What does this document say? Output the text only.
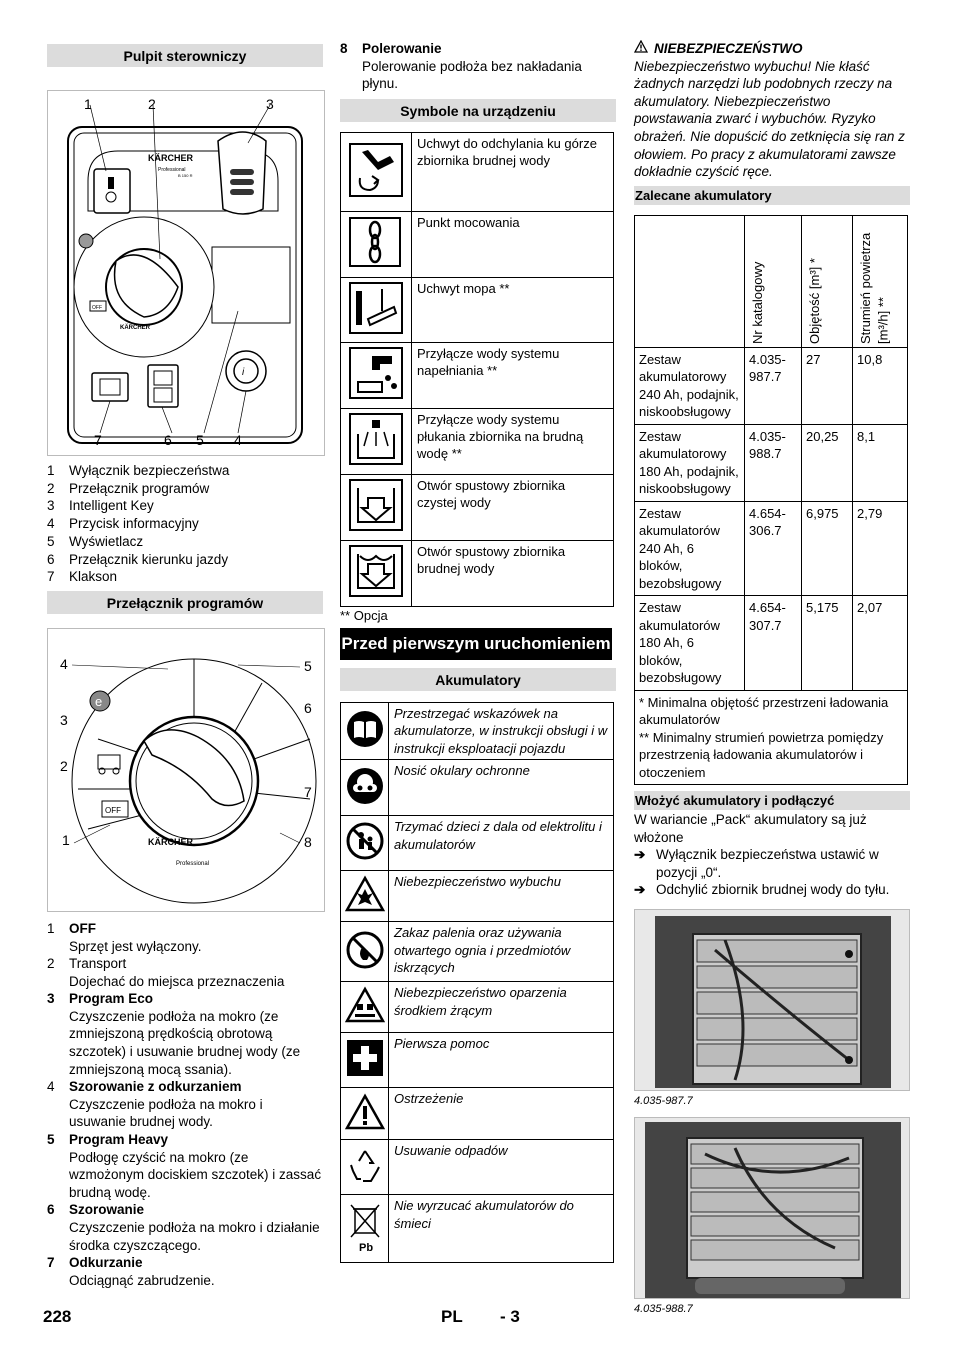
Pulpit sterowniczy
KÄRCHER
Professional
B 150 R
OFF
KÄRCHER
i
1	2	3
4
5
6
7
1	Wyłącznik bezpieczeństwa
2	Przełącznik programów
3	Intelligent Key
4	Przycisk informacyjny
5	Wyświetlacz
6	Przełącznik kierunku jazdy
7	Klakson
Przełącznik programów
e
OFF
KÄRCHER
Professional
4
3
2
1
5
6
7
8
1	OFF
Sprzęt jest wyłączony.
2	Transport
Dojechać do miejsca przeznaczenia
3	Program Eco
Czyszczenie podłoża na mokro (ze zmniejszoną prędkością obrotową szczotek) i usuwanie brudnej wody (ze zmniejszoną mocą ssania).
4	Szorowanie z odkurzaniem
Czyszczenie podłoża na mokro i usuwanie brudnej wody.
5	Program Heavy
Podłogę czyścić na mokro (ze wzmożonym dociskiem szczotek) i zassać brudną wodę.
6	Szorowanie
Czyszczenie podłoża na mokro i działanie środka czyszczącego.
7	Odkurzanie
Odciągnąć zabrudzenie.
8	Polerowanie
Polerowanie podłoża bez nakładania płynu.
Symbole na urządzeniu
	Uchwyt do odchylania ku górze zbiornika brudnej wody
	Punkt mocowania
	Uchwyt mopa **
	Przyłącze wody systemu napełniania **
	Przyłącze wody systemu płukania zbiornika na brudną wodę **
	Otwór spustowy zbiornika czystej wody
	Otwór spustowy zbiornika brudnej wody
** Opcja
Przed pierwszym uruchomieniem
Akumulatory
	Przestrzegać wskazówek na akumulatorze, w instrukcji obsługi i w instrukcji eksploatacji pojazdu
	Nosić okulary ochronne
	Trzymać dzieci z dala od elektrolitu i akumulatorów
	Niebezpieczeństwo wybuchu
	Zakaz palenia oraz używania otwartego ognia i przedmiotów iskrzących
	Niebezpieczeństwo oparzenia środkiem żrącym
	Pierwsza pomoc
	Ostrzeżenie
	Usuwanie odpadów

Pb	Nie wyrzucać akumulatorów do śmieci
NIEBEZPIECZEŃSTWO
Niebezpieczeństwo wybuchu! Nie kłaść żadnych narzędzi lub podobnych rzeczy na akumulatory. Niebezpieczeństwo powstawania zwarć i wybuchów. Ryzyko obrażeń. Nie dopuścić do zetknięcia się ran z ołowiem. Po pracy z akumulatorami zawsze dokładnie czyścić ręce.
Zalecane akumulatory

	Nr katalogowy	Objętość [m³] *	Strumień powietrza [m³/h] **

Zestaw akumulatorowy 240 Ah, podajnik, niskoobsługowy	4.035-987.7	27	10,8
Zestaw akumulatorowy 180 Ah, podajnik, niskoobsługowy	4.035-988.7	20,25	8,1
Zestaw akumulatorów 240 Ah, 6 bloków, bezobsługowy	4.654-306.7	6,975	2,79
Zestaw akumulatorów 180 Ah, 6 bloków, bezobsługowy	4.654-307.7	5,175	2,07
* Minimalna objętość przestrzeni ładowania akumulatorów
** Minimalny strumień powietrza pomiędzy przestrzenią ładowania akumulatorów i otoczeniem			
Włożyć akumulatory i podłączyć
W wariancie „Pack“ akumulatory są już włożone
➔ Wyłącznik bezpieczeństwa ustawić w pozycji „0“.
➔ Odchylić zbiornik brudnej wody do tyłu.
4.035-987.7
4.035-988.7
228	PL - 3
